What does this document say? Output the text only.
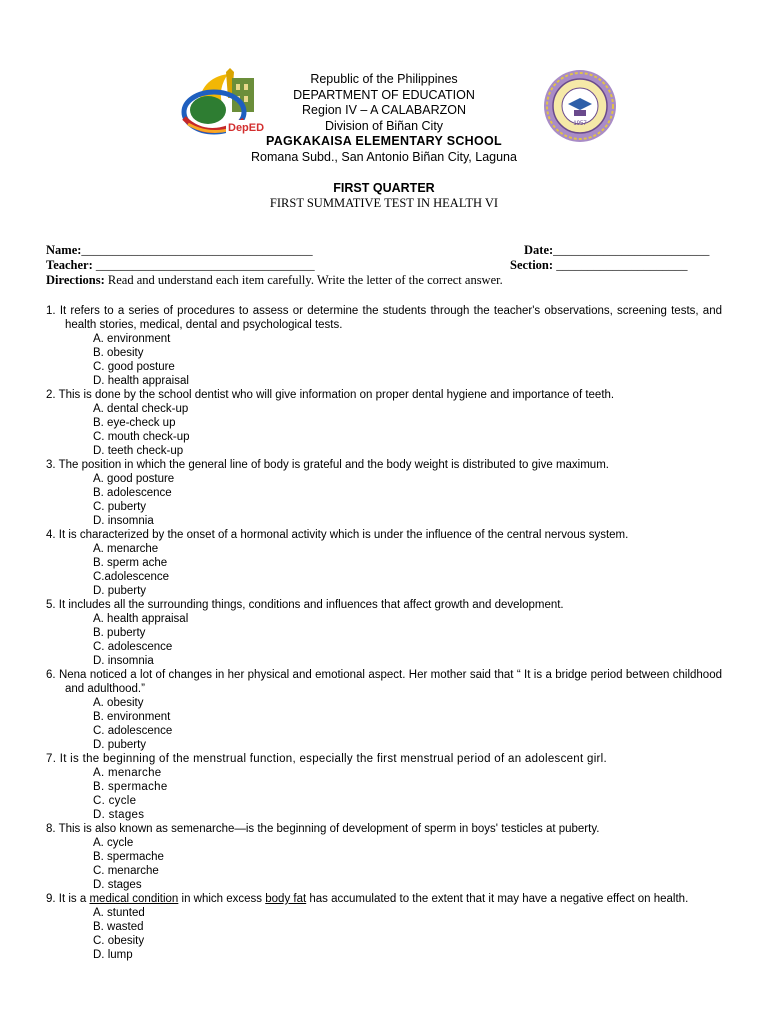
DepED	1957
Republic of the Philippines
DEPARTMENT OF EDUCATION
Region IV – A CALABARZON
Division of Biñan City
PAGKAKAISA ELEMENTARY SCHOOL
Romana Subd., San Antonio Biñan City, Laguna
FIRST QUARTER
FIRST SUMMATIVE TEST IN HEALTH VI
Name:_____________________________________	Date:_________________________
Teacher: ___________________________________	Section: _____________________
Directions: Read and understand each item carefully. Write the letter of the correct answer.
1. It refers to a series of procedures to assess or determine the students through the teacher's observations, screening tests, and health stories, medical, dental and psychological tests.
A. environment
B. obesity
C. good posture
D. health appraisal
2. This is done by the school dentist who will give information on proper dental hygiene and importance of teeth.
A. dental check-up
B. eye-check up
C. mouth check-up
D. teeth check-up
3. The position in which the general line of body is grateful and the body weight is distributed to give maximum.
A. good posture
B. adolescence
C. puberty
D. insomnia
4. It is characterized by the onset of a hormonal activity which is under the influence of the central nervous system.
A. menarche
B. sperm ache
C.adolescence
D. puberty
5. It includes all the surrounding things, conditions and influences that affect growth and development.
A. health appraisal
B. puberty
C. adolescence
D. insomnia
6. Nena noticed a lot of changes in her physical and emotional aspect. Her mother said that “ It is a bridge period between childhood and adulthood.”
A. obesity
B. environment
C. adolescence
D. puberty
7. It is the beginning of the menstrual function, especially the first menstrual period of an adolescent girl.
A. menarche
B. spermache
C. cycle
D. stages
8. This is also known as semenarche—is the beginning of development of sperm in boys' testicles at puberty.
A. cycle
B. spermache
C. menarche
D. stages
9. It is a medical condition in which excess body fat has accumulated to the extent that it may have a negative effect on health.
A. stunted
B. wasted
C. obesity
D. lump
